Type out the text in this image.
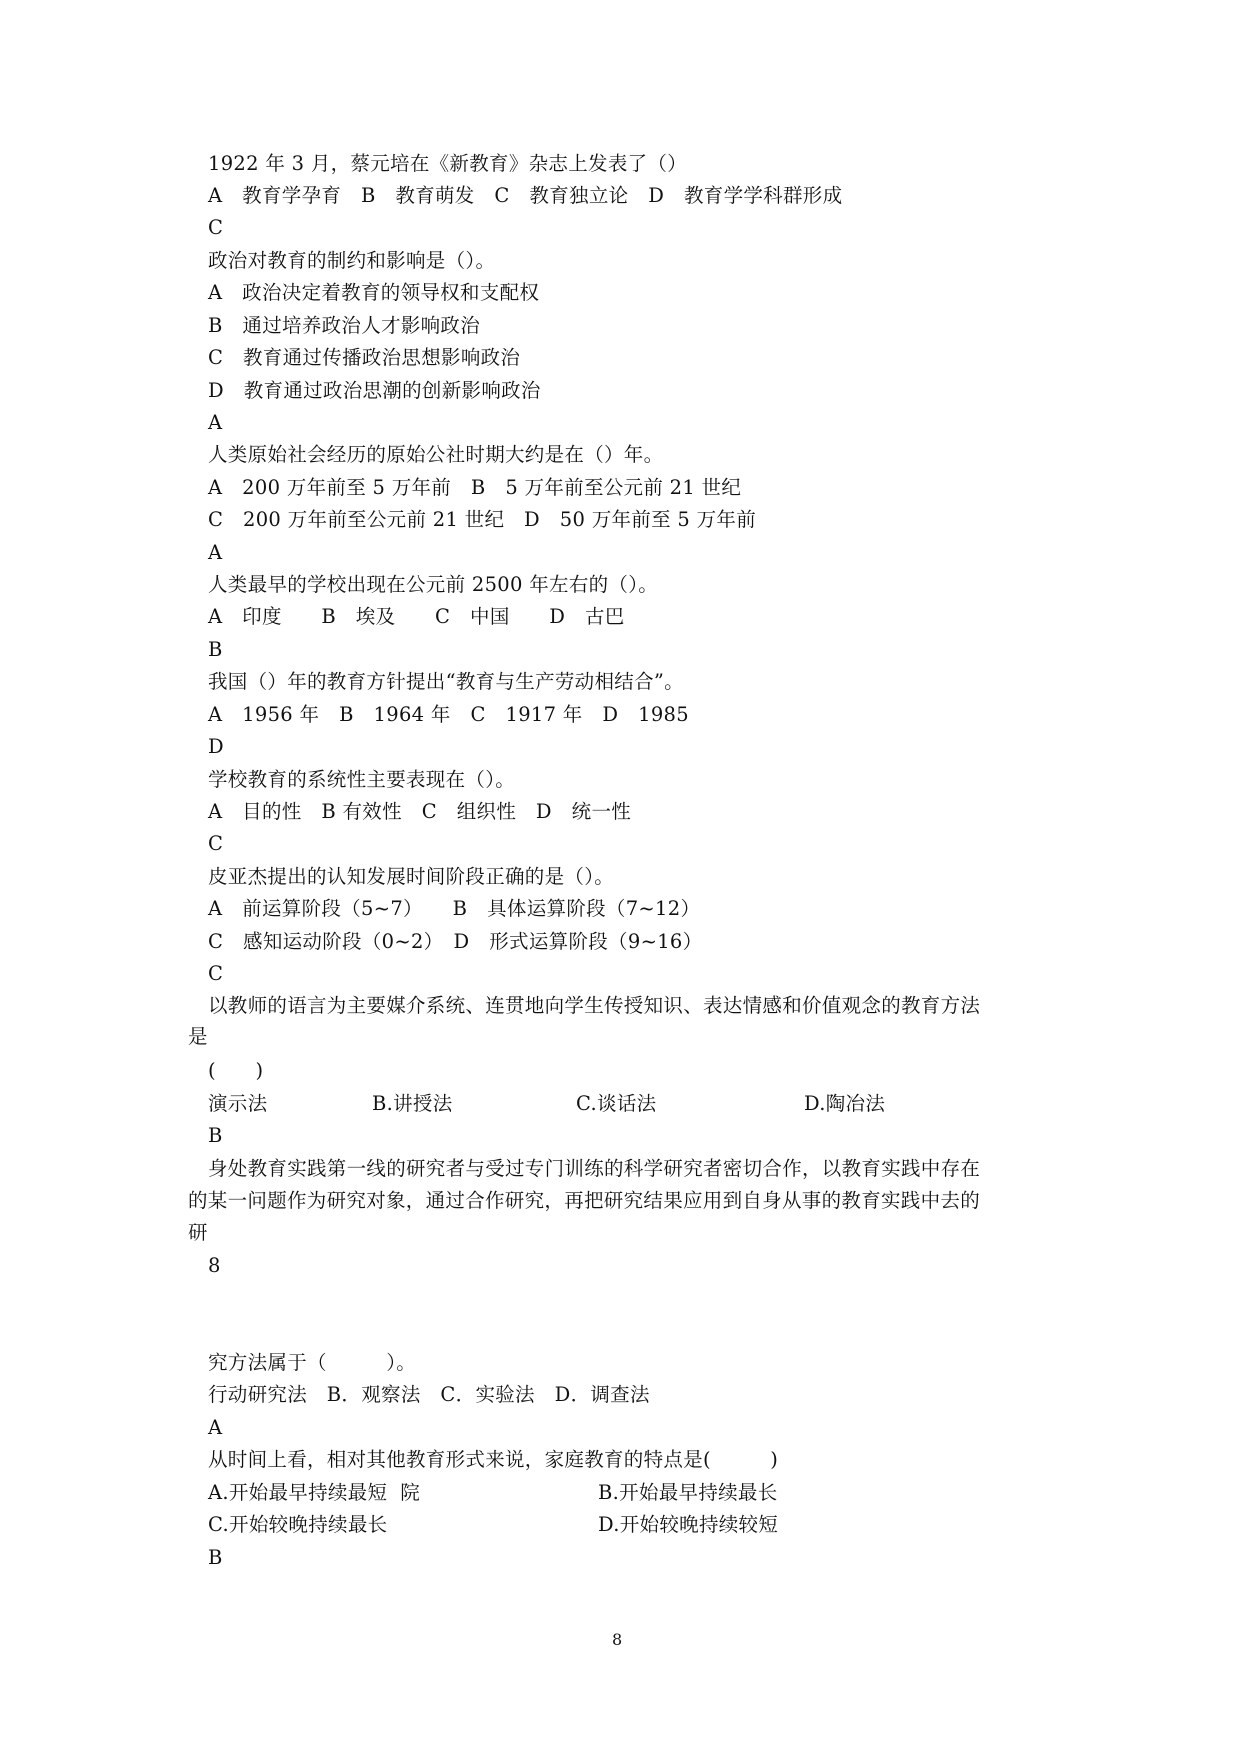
1922 年 3 月，蔡元培在《新教育》杂志上发表了（）
A　教育学孕育　B　教育萌发　C　教育独立论　D　教育学学科群形成
C
政治对教育的制约和影响是（）。
A　政治决定着教育的领导权和支配权
B　通过培养政治人才影响政治
C　教育通过传播政治思想影响政治
D　教育通过政治思潮的创新影响政治
A
人类原始社会经历的原始公社时期大约是在（）年。
A　200 万年前至 5 万年前　B　5 万年前至公元前 21 世纪
C　200 万年前至公元前 21 世纪　D　50 万年前至 5 万年前
A
人类最早的学校出现在公元前 2500 年左右的（）。
A　印度　　B　埃及　　C　中国　　D　古巴
B
我国（）年的教育方针提出“教育与生产劳动相结合”。
A　1956 年　B　1964 年　C　1917 年　D　1985
D
学校教育的系统性主要表现在（）。
A　目的性　B 有效性　C　组织性　D　统一性
C
皮亚杰提出的认知发展时间阶段正确的是（）。
A　前运算阶段（5~7）　　B　具体运算阶段（7~12）
C　感知运动阶段（0~2）　D　形式运算阶段（9~16）
C
以教师的语言为主要媒介系统、连贯地向学生传授知识、表达情感和价值观念的教育方法
是
(　　)
演示法	B.讲授法	C.谈话法	D.陶冶法
B
身处教育实践第一线的研究者与受过专门训练的科学研究者密切合作，以教育实践中存在
的某一问题作为研究对象，通过合作研究，再把研究结果应用到自身从事的教育实践中去的
研
8
究方法属于（　　　）。
行动研究法　B．观察法　C．实验法　D．调查法
A
从时间上看，相对其他教育形式来说，家庭教育的特点是(　　　)
A.开始最早持续最短  院	B.开始最早持续最长
C.开始较晚持续最长	D.开始较晚持续较短
B
8
